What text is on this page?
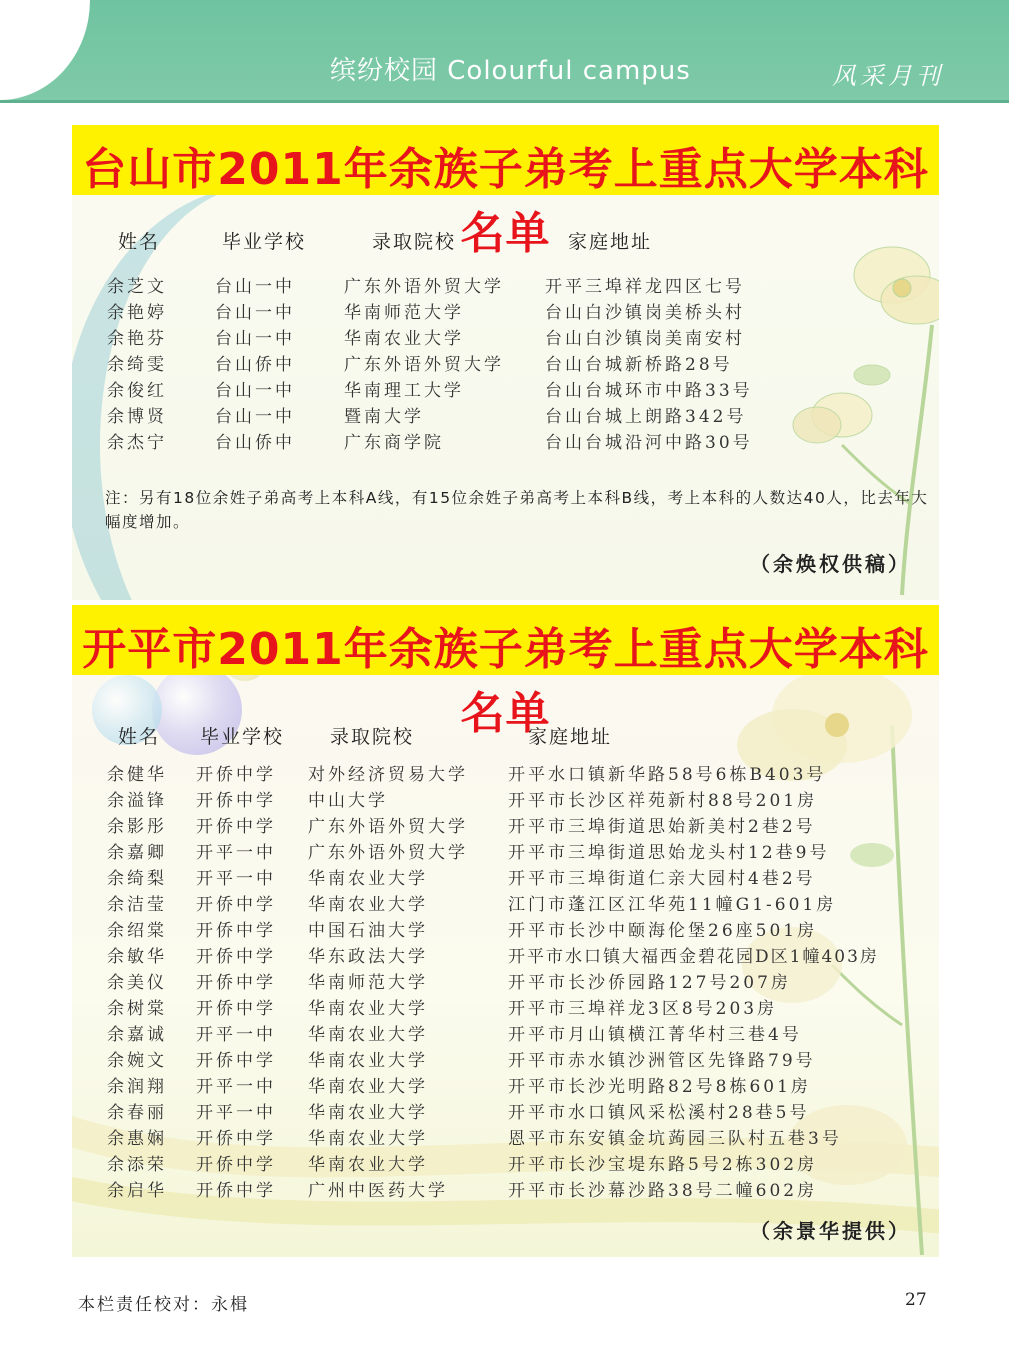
缤纷校园 Colourful campus	风采月刊
台山市2011年余族子弟考上重点大学本科名单
姓名	毕业学校	录取院校	家庭地址
余芝文	台山一中	广东外语外贸大学 开平三埠祥龙四区七号
余艳婷	台山一中	华南师范大学	台山白沙镇岗美桥头村
余艳芬	台山一中	华南农业大学	台山白沙镇岗美南安村
余绮雯	台山侨中	广东外语外贸大学 台山台城新桥路28号
余俊红	台山一中	华南理工大学	台山台城环市中路33号
余博贤	台山一中	暨南大学	台山台城上朗路342号
余杰宁	台山侨中	广东商学院	台山台城沿河中路30号
注：另有18位余姓子弟高考上本科A线，有15位余姓子弟高考上本科B线，考上本科的人数达40人，比去年大幅度增加。
（余焕权供稿）
开平市2011年余族子弟考上重点大学本科名单
姓名 毕业学校 录取院校	家庭地址
余健华 开侨中学 对外经济贸易大学 开平水口镇新华路58号6栋B403号
余溢锋 开侨中学 中山大学	开平市长沙区祥苑新村88号201房
余影彤 开侨中学 广东外语外贸大学 开平市三埠街道思始新美村2巷2号
余嘉卿 开平一中 广东外语外贸大学 开平市三埠街道思始龙头村12巷9号
余绮梨 开平一中 华南农业大学	开平市三埠街道仁亲大园村4巷2号
余洁莹 开侨中学 华南农业大学	江门市蓬江区江华苑11幢G1-601房
余绍棠 开侨中学 中国石油大学	开平市长沙中颐海伦堡26座501房
余敏华 开侨中学 华东政法大学	开平市水口镇大福西金碧花园D区1幢403房
余美仪 开侨中学 华南师范大学	开平市长沙侨园路127号207房
余树棠 开侨中学 华南农业大学	开平市三埠祥龙3区8号203房
余嘉诚 开平一中 华南农业大学	开平市月山镇横江菁华村三巷4号
余婉文 开侨中学 华南农业大学	开平市赤水镇沙洲管区先锋路79号
余润翔 开平一中 华南农业大学	开平市长沙光明路82号8栋601房
余春丽 开平一中 华南农业大学	开平市水口镇风采松溪村28巷5号
余惠娴 开侨中学 华南农业大学	恩平市东安镇金坑蒟园三队村五巷3号
余添荣 开侨中学 华南农业大学	开平市长沙宝堤东路5号2栋302房
余启华 开侨中学 广州中医药大学	开平市长沙幕沙路38号二幢602房
（余景华提供）
本栏责任校对：永楫	27
